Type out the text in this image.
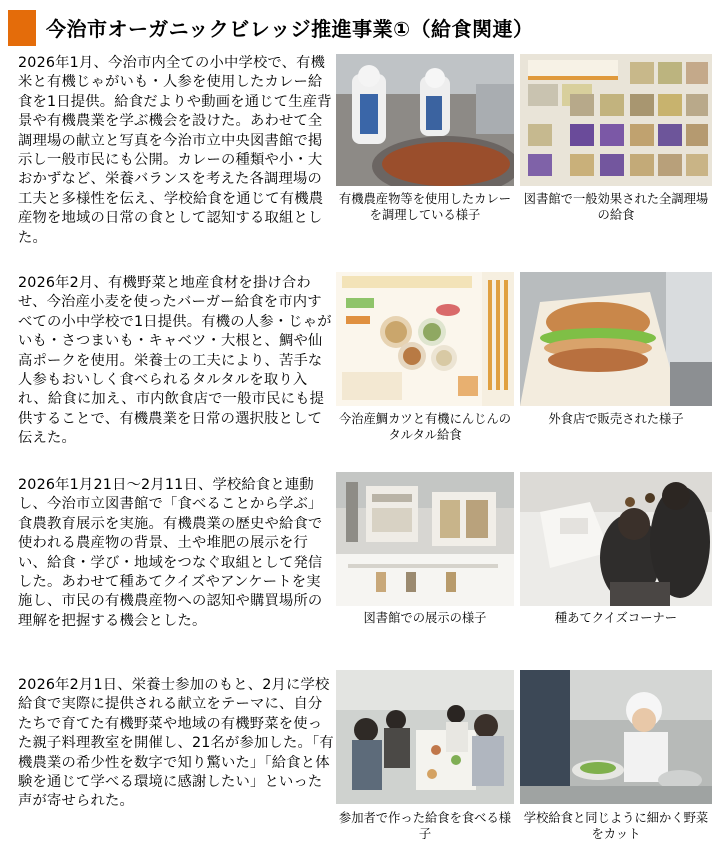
今治市オーガニックビレッジ推進事業①（給食関連）

2026年1月、今治市内全ての小中学校で、有機米と有機じゃがいも・人参を使用したカレー給食を1日提供。給食だよりや動画を通じて生産背景や有機農業を学ぶ機会を設けた。あわせて全調理場の献立と写真を今治市立中央図書館で掲示し一般市民にも公開。カレーの種類や小・大おかずなど、栄養バランスを考えた各調理場の工夫と多様性を伝え、学校給食を通じて有機農産物を地域の日常の食として認知する取組とした。

有機農産物等を使用したカレーを調理している様子
図書館で一般効果された全調理場の給食

2026年2月、有機野菜と地産食材を掛け合わせ、今治産小麦を使ったバーガー給食を市内すべての小中学校で1日提供。有機の人参・じゃがいも・さつまいも・キャベツ・大根と、鯛や仙高ポークを使用。栄養士の工夫により、苦手な人参もおいしく食べられるタルタルを取り入れ、給食に加え、市内飲食店で一般市民にも提供することで、有機農業を日常の選択肢として伝えた。

今治産鯛カツと有機にんじんのタルタル給食
外食店で販売された様子

2026年1月21日～2月11日、学校給食と連動し、今治市立図書館で「食べることから学ぶ」食農教育展示を実施。有機農業の歴史や給食で使われる農産物の背景、土や堆肥の展示を行い、給食・学び・地域をつなぐ取組として発信した。あわせて種あてクイズやアンケートを実施し、市民の有機農産物への認知や購買場所の理解を把握する機会とした。	図書館での展示の様子	種あてクイズコーナー

2026年2月1日、栄養士参加のもと、2月に学校給食で実際に提供される献立をテーマに、自分たちで育てた有機野菜や地域の有機野菜を使った親子料理教室を開催し、21名が参加した。「有機農業の希少性を数字で知り驚いた」「給食と体験を通じて学べる環境に感謝したい」といった声が寄せられた。

参加者で作った給食を食べる様子
学校給食と同じように細かく野菜をカット
